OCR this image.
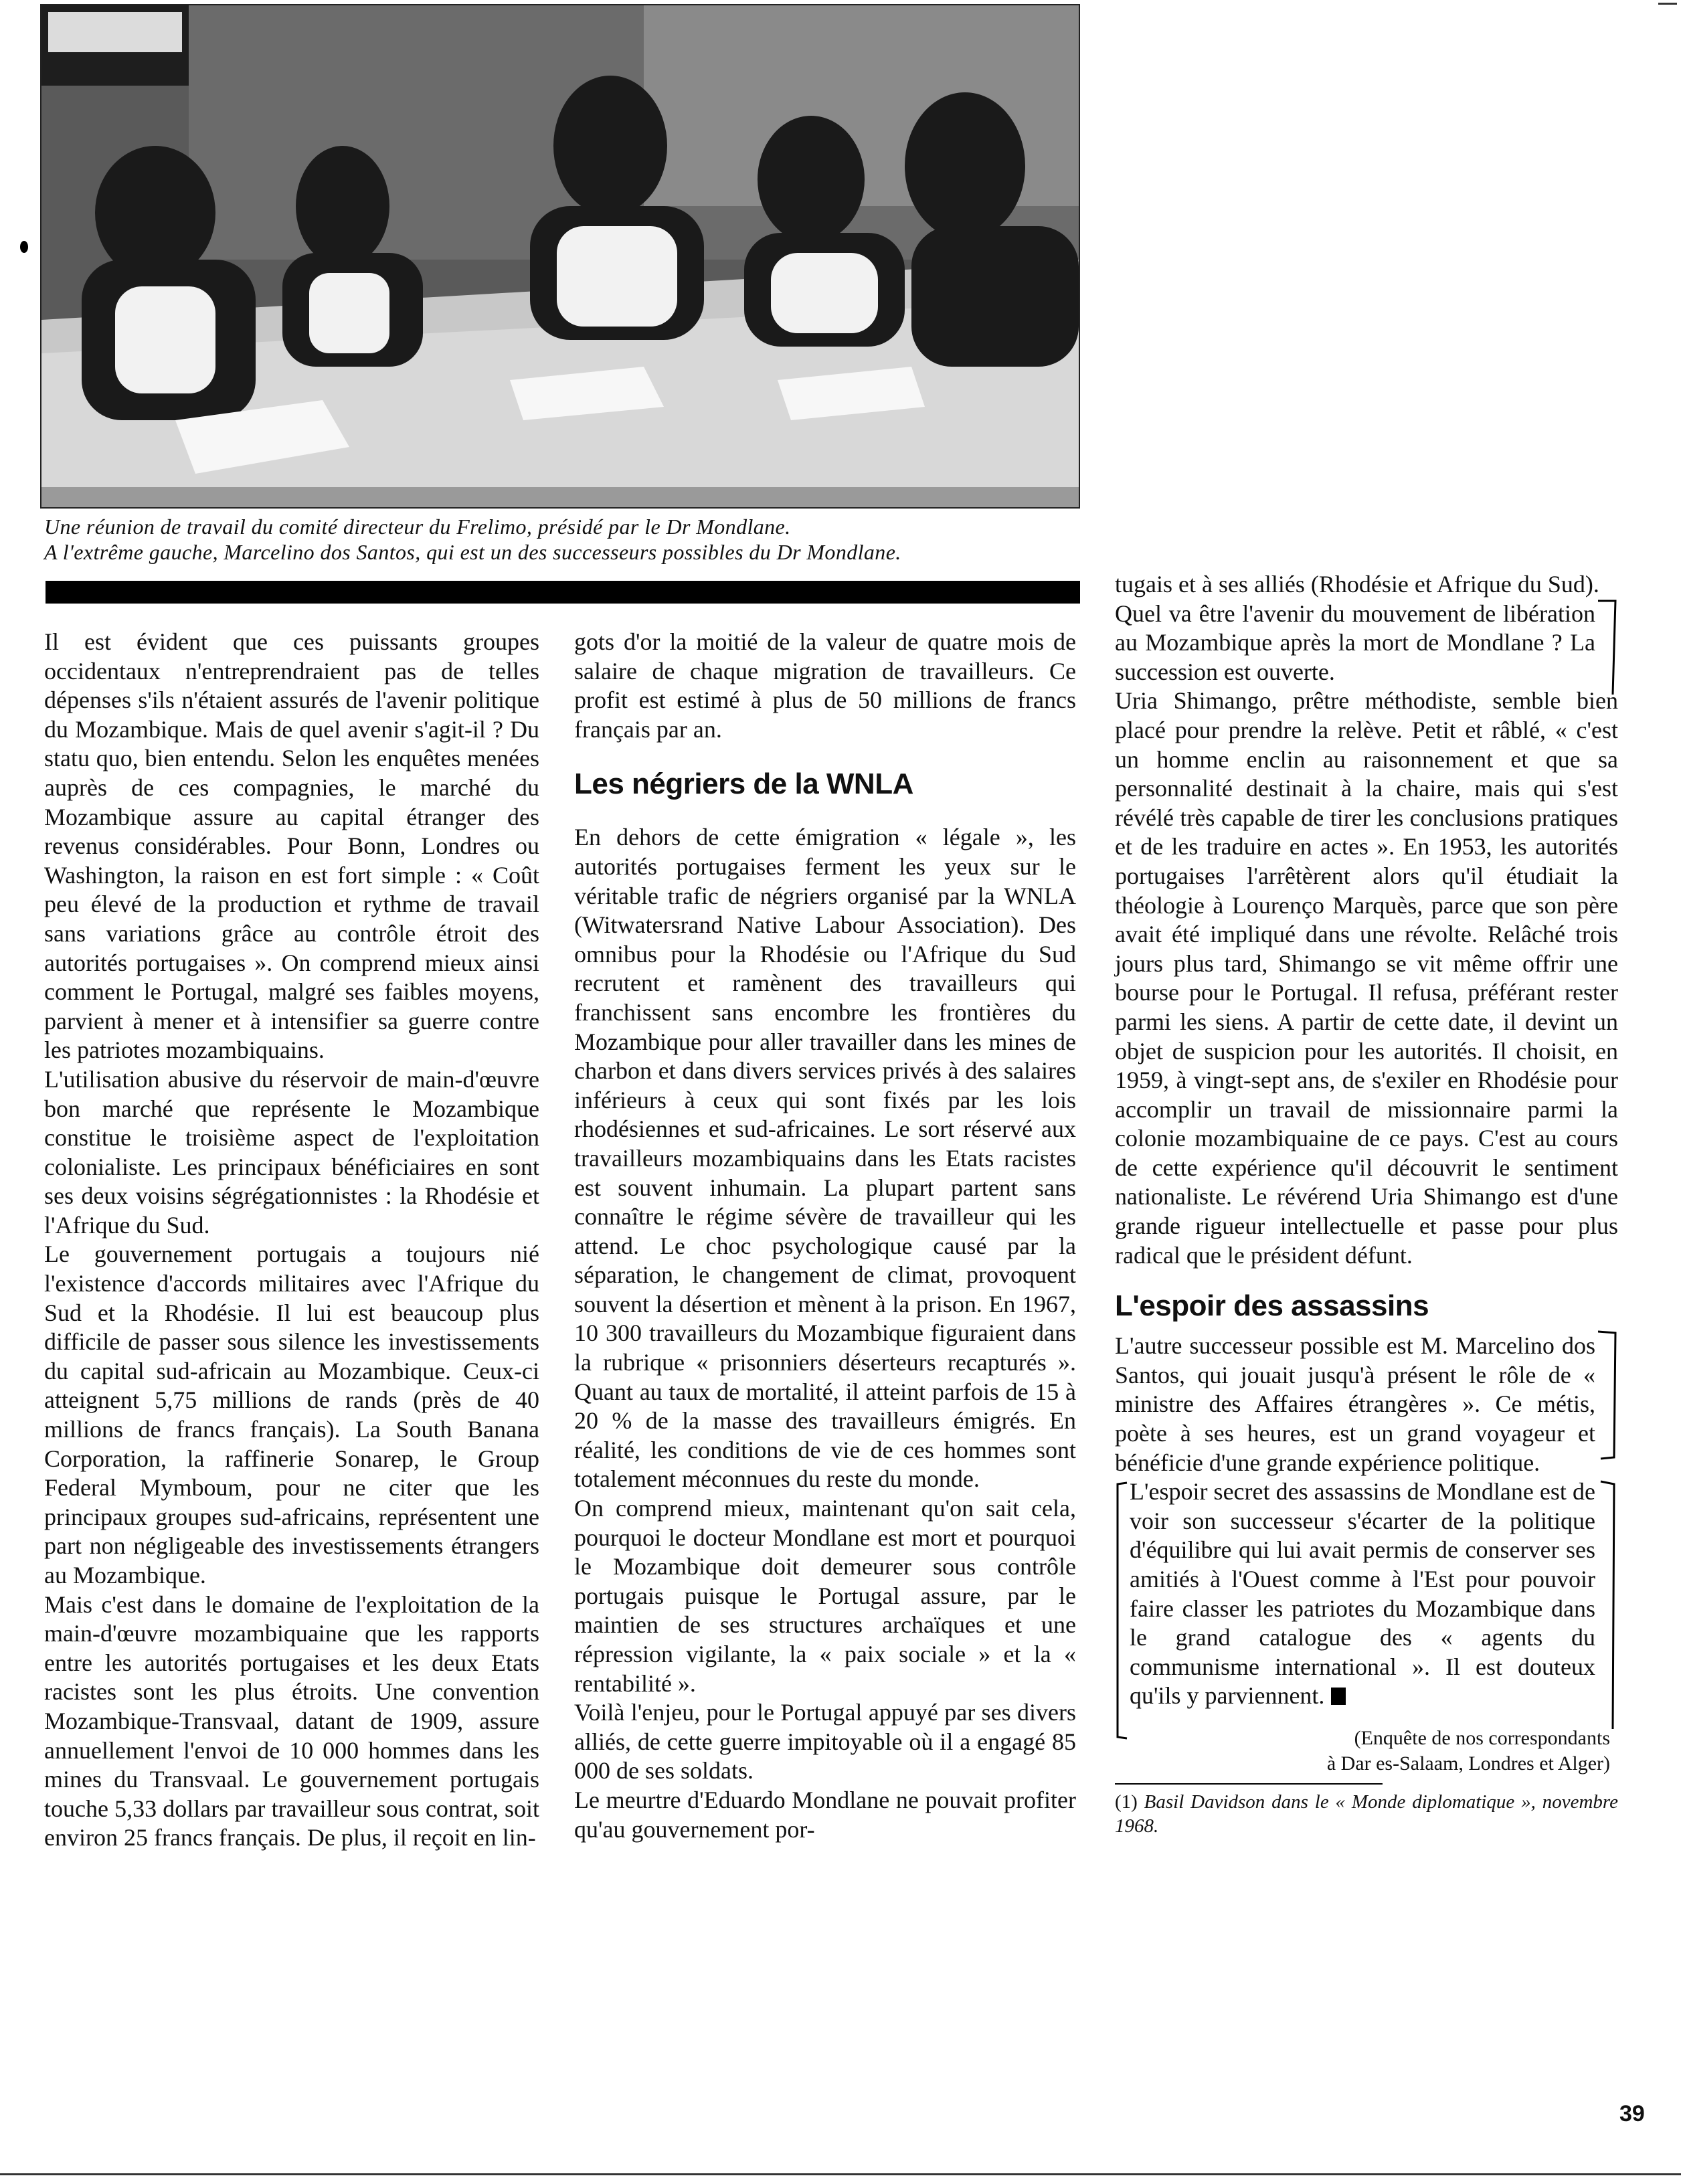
Une réunion de travail du comité directeur du Frelimo, présidé par le Dr Mondlane.
A l'extrême gauche, Marcelino dos Santos, qui est un des successeurs possibles du Dr Mondlane.

Il est évident que ces puissants groupes occidentaux n'entreprendraient pas de telles dépenses s'ils n'étaient assurés de l'avenir politique du Mozambique. Mais de quel avenir s'agit-il ? Du statu quo, bien entendu. Selon les enquêtes menées auprès de ces compagnies, le marché du Mozambique assure au capital étranger des revenus considérables. Pour Bonn, Londres ou Washington, la raison en est fort simple : « Coût peu élevé de la production et rythme de travail sans variations grâce au contrôle étroit des autorités portugaises ». On comprend mieux ainsi comment le Portugal, malgré ses faibles moyens, parvient à mener et à intensifier sa guerre contre les patriotes mozambiquains.

L'utilisation abusive du réservoir de main-d'œuvre bon marché que représente le Mozambique constitue le troisième aspect de l'exploitation colonialiste. Les principaux bénéficiaires en sont ses deux voisins ségrégationnistes : la Rhodésie et l'Afrique du Sud.

Le gouvernement portugais a toujours nié l'existence d'accords militaires avec l'Afrique du Sud et la Rhodésie. Il lui est beaucoup plus difficile de passer sous silence les investissements du capital sud-africain au Mozambique. Ceux-ci atteignent 5,75 millions de rands (près de 40 millions de francs français). La South Banana Corporation, la raffinerie Sonarep, le Group Federal Mymboum, pour ne citer que les principaux groupes sud-africains, représentent une part non négligeable des investissements étrangers au Mozambique.

Mais c'est dans le domaine de l'exploitation de la main-d'œuvre mozambiquaine que les rapports entre les autorités portugaises et les deux Etats racistes sont les plus étroits. Une convention Mozambique-Transvaal, datant de 1909, assure annuellement l'envoi de 10 000 hommes dans les mines du Transvaal. Le gouvernement portugais touche 5,33 dollars par travailleur sous contrat, soit environ 25 francs français. De plus, il reçoit en lin-

gots d'or la moitié de la valeur de quatre mois de salaire de chaque migration de travailleurs. Ce profit est estimé à plus de 50 millions de francs français par an.

Les négriers de la WNLA

En dehors de cette émigration « légale », les autorités portugaises ferment les yeux sur le véritable trafic de négriers organisé par la WNLA (Witwatersrand Native Labour Association). Des omnibus pour la Rhodésie ou l'Afrique du Sud recrutent et ramènent des travailleurs qui franchissent sans encombre les frontières du Mozambique pour aller travailler dans les mines de charbon et dans divers services privés à des salaires inférieurs à ceux qui sont fixés par les lois rhodésiennes et sud-africaines. Le sort réservé aux travailleurs mozambiquains dans les Etats racistes est souvent inhumain. La plupart partent sans connaître le régime sévère de travailleur qui les attend. Le choc psychologique causé par la séparation, le changement de climat, provoquent souvent la désertion et mènent à la prison. En 1967, 10 300 travailleurs du Mozambique figuraient dans la rubrique « prisonniers déserteurs recapturés ». Quant au taux de mortalité, il atteint parfois de 15 à 20 % de la masse des travailleurs émigrés. En réalité, les conditions de vie de ces hommes sont totalement méconnues du reste du monde.

On comprend mieux, maintenant qu'on sait cela, pourquoi le docteur Mondlane est mort et pourquoi le Mozambique doit demeurer sous contrôle portugais puisque le Portugal assure, par le maintien de ses structures archaïques et une répression vigilante, la « paix sociale » et la « rentabilité ».

Voilà l'enjeu, pour le Portugal appuyé par ses divers alliés, de cette guerre impitoyable où il a engagé 85 000 de ses soldats.

Le meurtre d'Eduardo Mondlane ne pouvait profiter qu'au gouvernement por-

tugais et à ses alliés (Rhodésie et Afrique du Sud).

Quel va être l'avenir du mouvement de libération au Mozambique après la mort de Mondlane ? La succession est ouverte.

Uria Shimango, prêtre méthodiste, semble bien placé pour prendre la relève. Petit et râblé, « c'est un homme enclin au raisonnement et que sa personnalité destinait à la chaire, mais qui s'est révélé très capable de tirer les conclusions pratiques et de les traduire en actes ». En 1953, les autorités portugaises l'arrêtèrent alors qu'il étudiait la théologie à Lourenço Marquès, parce que son père avait été impliqué dans une révolte. Relâché trois jours plus tard, Shimango se vit même offrir une bourse pour le Portugal. Il refusa, préférant rester parmi les siens. A partir de cette date, il devint un objet de suspicion pour les autorités. Il choisit, en 1959, à vingt-sept ans, de s'exiler en Rhodésie pour accomplir un travail de missionnaire parmi la colonie mozambiquaine de ce pays. C'est au cours de cette expérience qu'il découvrit le sentiment nationaliste. Le révérend Uria Shimango est d'une grande rigueur intellectuelle et passe pour plus radical que le président défunt.

L'espoir des assassins

L'autre successeur possible est M. Marcelino dos Santos, qui jouait jusqu'à présent le rôle de « ministre des Affaires étrangères ». Ce métis, poète à ses heures, est un grand voyageur et bénéficie d'une grande expérience politique.

L'espoir secret des assassins de Mondlane est de voir son successeur s'écarter de la politique d'équilibre qui lui avait permis de conserver ses amitiés à l'Ouest comme à l'Est pour pouvoir faire classer les patriotes du Mozambique dans le grand catalogue des « agents du communisme international ». Il est douteux qu'ils y parviennent.

(Enquête de nos correspondants
à Dar es-Salaam, Londres et Alger)
(1) Basil Davidson dans le « Monde diplomatique », novembre 1968.
39
